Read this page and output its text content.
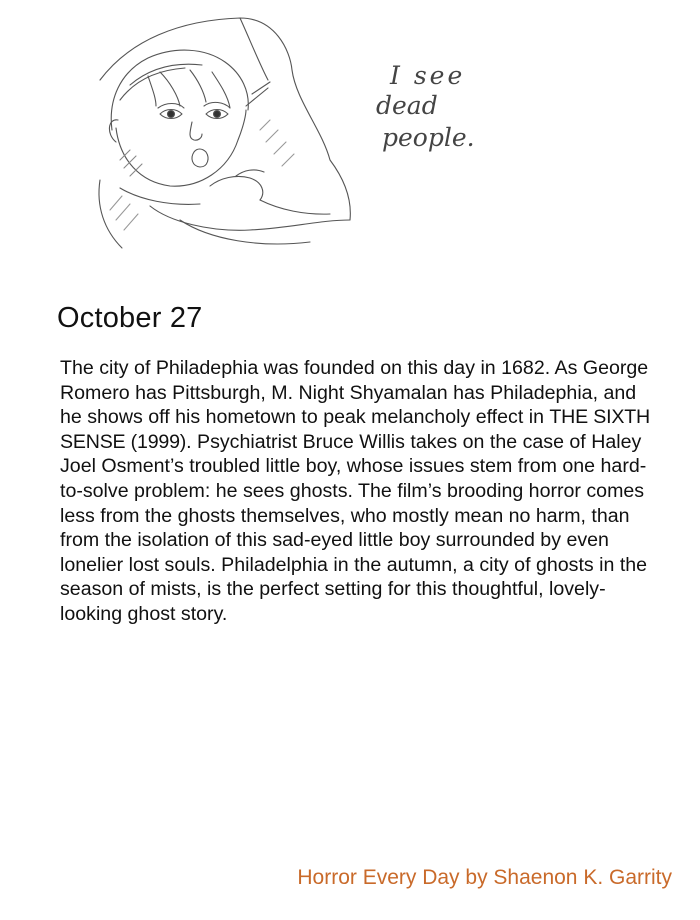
I see
dead
people.
October 27

The city of Philadephia was founded on this day in 1682. As George Romero has Pittsburgh, M. Night Shyamalan has Philadephia, and he shows off his hometown to peak melancholy effect in THE SIXTH SENSE (1999). Psychiatrist Bruce Willis takes on the case of Haley Joel Osment’s troubled little boy, whose issues stem from one hard-to-solve problem: he sees ghosts. The film’s brooding horror comes less from the ghosts themselves, who mostly mean no harm, than from the isolation of this sad-eyed little boy surrounded by even lonelier lost souls. Philadelphia in the autumn, a city of ghosts in the season of mists, is the perfect setting for this thoughtful, lovely-looking ghost story.

Horror Every Day by Shaenon K. Garrity
